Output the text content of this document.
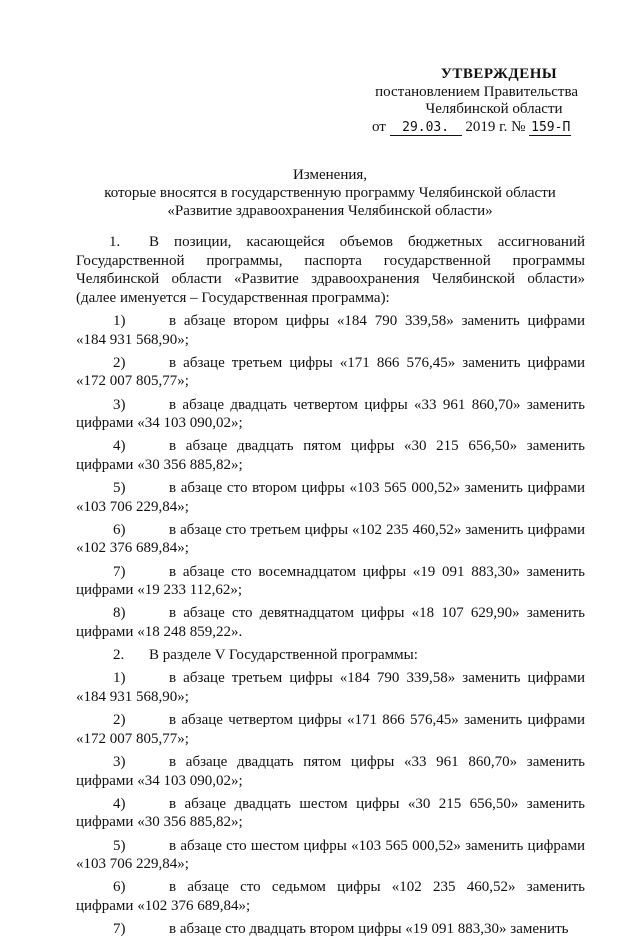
УТВЕРЖДЕНЫ
постановлением Правительства
Челябинской области
от 29.03. 2019 г. № 159-П
Изменения,
которые вносятся в государственную программу Челябинской области
«Развитие здравоохранения Челябинской области»

1. В позиции, касающейся объемов бюджетных ассигнований Государственной программы, паспорта государственной программы Челябинской области «Развитие здравоохранения Челябинской области» (далее именуется – Государственная программа):

1)	в абзаце втором цифры «184 790 339,58» заменить цифрами «184 931 568,90»;

2)	в абзаце третьем цифры «171 866 576,45» заменить цифрами «172 007 805,77»;

3)	в абзаце двадцать четвертом цифры «33 961 860,70» заменить цифрами «34 103 090,02»;

4)	в абзаце двадцать пятом цифры «30 215 656,50» заменить цифрами «30 356 885,82»;

5)	в абзаце сто втором цифры «103 565 000,52» заменить цифрами «103 706 229,84»;

6)	в абзаце сто третьем цифры «102 235 460,52» заменить цифрами «102 376 689,84»;

7)	в абзаце сто восемнадцатом цифры «19 091 883,30» заменить цифрами «19 233 112,62»;

8)	в абзаце сто девятнадцатом цифры «18 107 629,90» заменить цифрами «18 248 859,22».

2. В разделе V Государственной программы:

1)	в абзаце третьем цифры «184 790 339,58» заменить цифрами «184 931 568,90»;

2)	в абзаце четвертом цифры «171 866 576,45» заменить цифрами «172 007 805,77»;

3)	в абзаце двадцать пятом цифры «33 961 860,70» заменить цифрами «34 103 090,02»;

4)	в абзаце двадцать шестом цифры «30 215 656,50» заменить цифрами «30 356 885,82»;

5)	в абзаце сто шестом цифры «103 565 000,52» заменить цифрами «103 706 229,84»;

6)	в абзаце сто седьмом цифры «102 235 460,52» заменить цифрами «102 376 689,84»;

7)	в абзаце сто двадцать втором цифры «19 091 883,30» заменить
